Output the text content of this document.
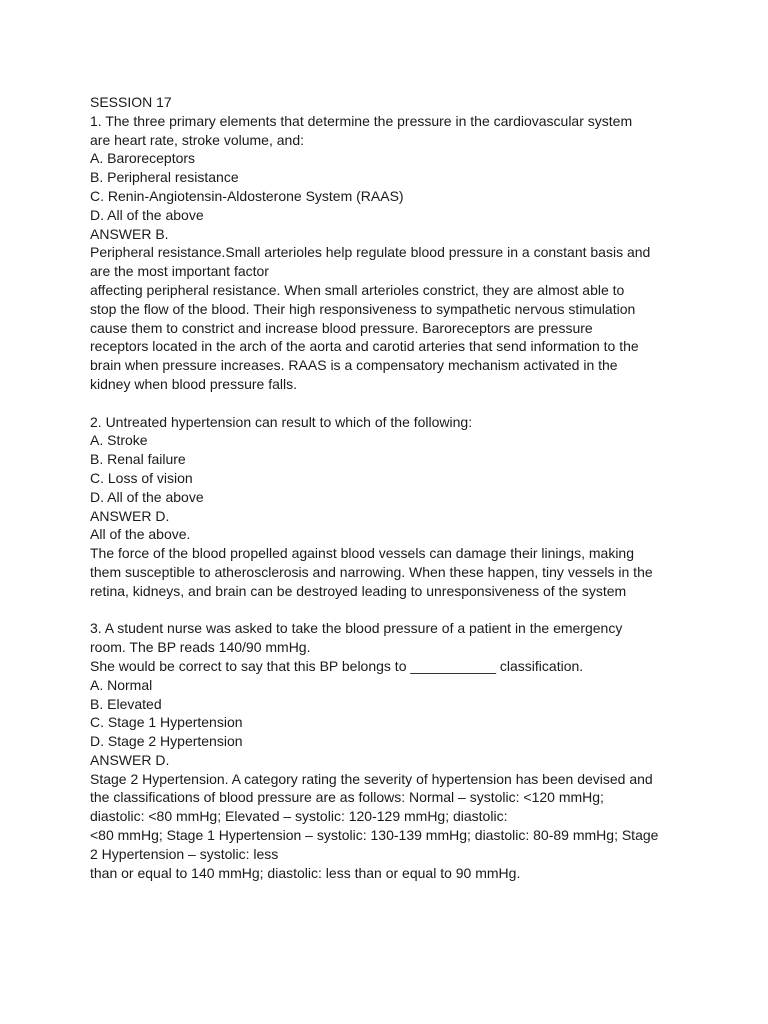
SESSION 17
1. The three primary elements that determine the pressure in the cardiovascular system
are heart rate, stroke volume, and:
A. Baroreceptors
B. Peripheral resistance
C. Renin-Angiotensin-Aldosterone System (RAAS)
D. All of the above
ANSWER B.
Peripheral resistance.Small arterioles help regulate blood pressure in a constant basis and
are the most important factor
affecting peripheral resistance. When small arterioles constrict, they are almost able to
stop the flow of the blood. Their high responsiveness to sympathetic nervous stimulation
cause them to constrict and increase blood pressure. Baroreceptors are pressure
receptors located in the arch of the aorta and carotid arteries that send information to the
brain when pressure increases. RAAS is a compensatory mechanism activated in the
kidney when blood pressure falls.
2. Untreated hypertension can result to which of the following:
A. Stroke
B. Renal failure
C. Loss of vision
D. All of the above
ANSWER D.
All of the above.
The force of the blood propelled against blood vessels can damage their linings, making
them susceptible to atherosclerosis and narrowing. When these happen, tiny vessels in the
retina, kidneys, and brain can be destroyed leading to unresponsiveness of the system
3. A student nurse was asked to take the blood pressure of a patient in the emergency
room. The BP reads 140/90 mmHg.
She would be correct to say that this BP belongs to ___________ classification.
A. Normal
B. Elevated
C. Stage 1 Hypertension
D. Stage 2 Hypertension
ANSWER D.
Stage 2 Hypertension. A category rating the severity of hypertension has been devised and
the classifications of blood pressure are as follows: Normal – systolic: <120 mmHg;
diastolic: <80 mmHg; Elevated – systolic: 120-129 mmHg; diastolic:
<80 mmHg; Stage 1 Hypertension – systolic: 130-139 mmHg; diastolic: 80-89 mmHg; Stage
2 Hypertension – systolic: less
than or equal to 140 mmHg; diastolic: less than or equal to 90 mmHg.
